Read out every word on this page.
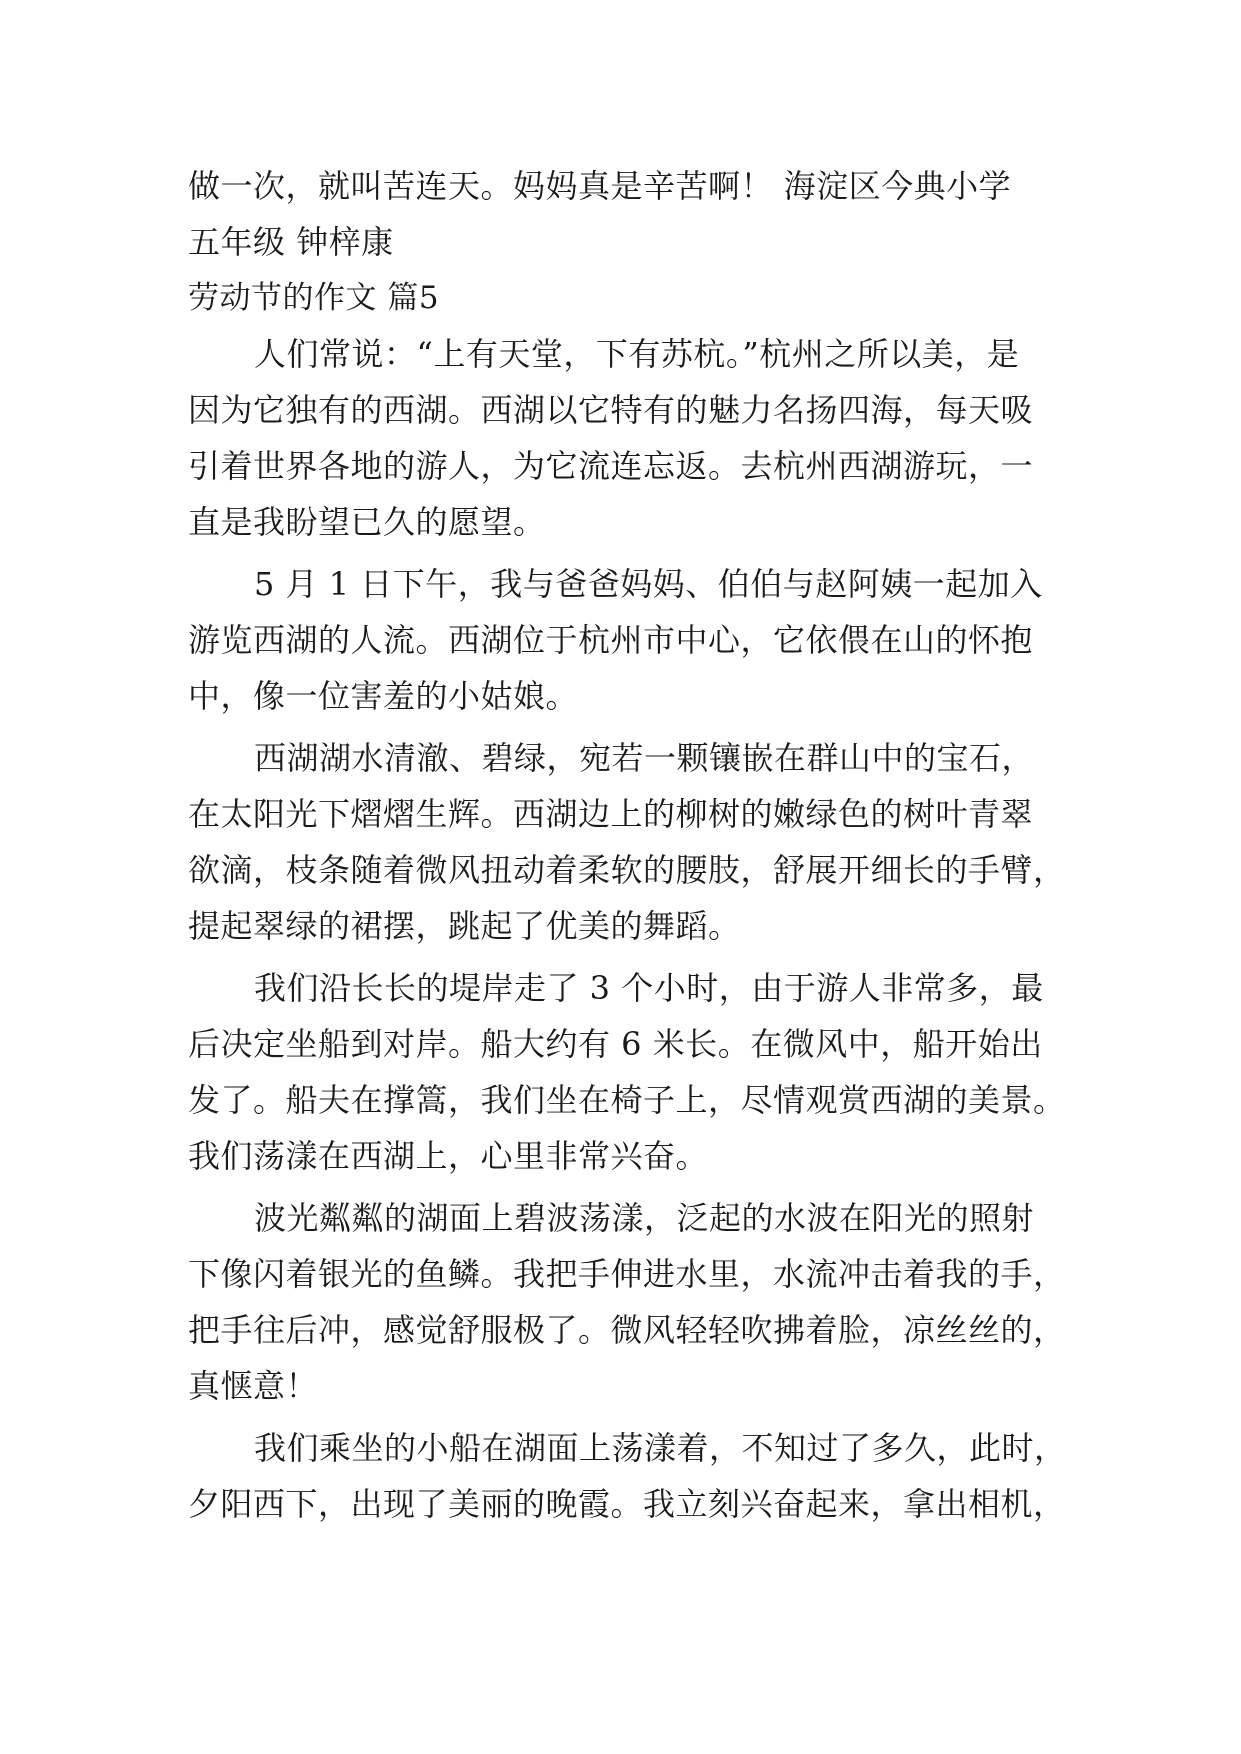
做一次，就叫苦连天。妈妈真是辛苦啊！ 海淀区今典小学
五年级 钟梓康
劳动节的作文 篇5
人们常说：“上有天堂，下有苏杭。”杭州之所以美，是
因为它独有的西湖。西湖以它特有的魅力名扬四海，每天吸
引着世界各地的游人，为它流连忘返。去杭州西湖游玩，一
直是我盼望已久的愿望。
5 月 1 日下午，我与爸爸妈妈、伯伯与赵阿姨一起加入
游览西湖的人流。西湖位于杭州市中心，它依偎在山的怀抱
中，像一位害羞的小姑娘。
西湖湖水清澈、碧绿，宛若一颗镶嵌在群山中的宝石，
在太阳光下熠熠生辉。西湖边上的柳树的嫩绿色的树叶青翠
欲滴，枝条随着微风扭动着柔软的腰肢，舒展开细长的手臂，
提起翠绿的裙摆，跳起了优美的舞蹈。
我们沿长长的堤岸走了 3 个小时，由于游人非常多，最
后决定坐船到对岸。船大约有 6 米长。在微风中，船开始出
发了。船夫在撑篙，我们坐在椅子上，尽情观赏西湖的美景。
我们荡漾在西湖上，心里非常兴奋。
波光粼粼的湖面上碧波荡漾，泛起的水波在阳光的照射
下像闪着银光的鱼鳞。我把手伸进水里，水流冲击着我的手，
把手往后冲，感觉舒服极了。微风轻轻吹拂着脸，凉丝丝的，
真惬意！
我们乘坐的小船在湖面上荡漾着，不知过了多久，此时，
夕阳西下，出现了美丽的晚霞。我立刻兴奋起来，拿出相机，
